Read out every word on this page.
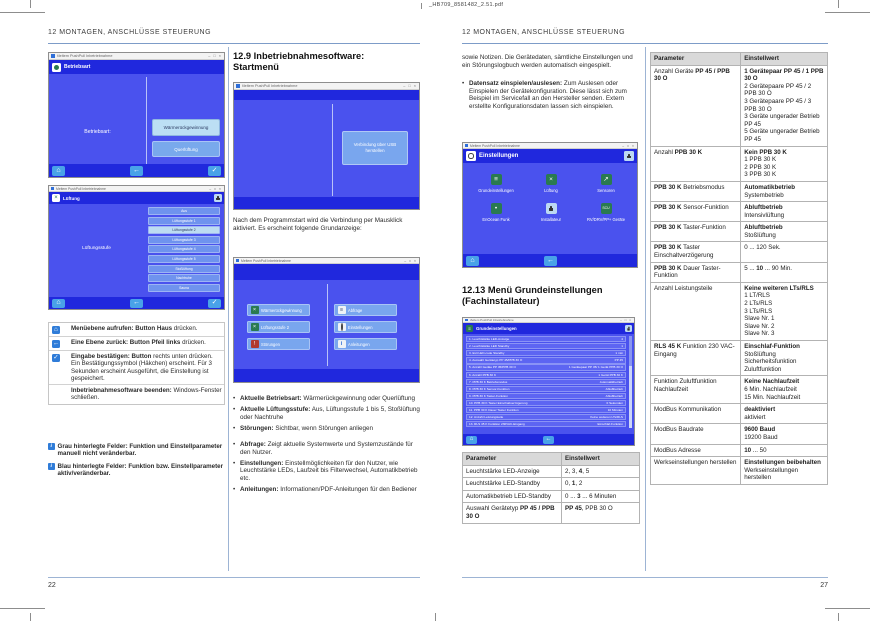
_HB709_8581482_2.51.pdf
12 MONTAGEN, ANSCHLÜSSE STEUERUNG
Meltem PushPull Inbetriebnahme	– □ ×
Betriebsart
Betriebsart:
Wärmerückgewinnung
Querlüftung
⌂	←	✓
Meltem PushPull Inbetriebnahme	– □ ×
× Lüftung
Lüftungsstufe
Aus
Lüftungsstufe 1
Lüftungsstufe 2
Lüftungsstufe 3
Lüftungsstufe 4
Lüftungsstufe 5
Stoßlüftung
Nachtruhe
Sauna
⌂	←	✓
⌂	Menüebene aufrufen: Button Haus drücken.
← Eine Ebene zurück: Button Pfeil links drücken.
✓ Eingabe bestätigen: Button rechts unten drücken. Ein Bestätigungssymbol (Häkchen) erscheint. Für 3 Sekunden erscheint Ausgeführt, die Einstellung ist gespeichert.
Inbetriebnahmesoftware beenden: Windows-Fenster schließen.
i Grau hinterlegte Felder: Funktion und Einstellparameter manuell nicht veränderbar.
i Blau hinterlegte Felder: Funktion bzw. Einstellparameter aktiv/veränderbar.
12.9 Inbetriebnahmesoftware:
Startmenü
Meltem PushPull Inbetriebnahme	– □ ×
Verbindung über USB herstellen
Nach dem Programmstart wird die Verbindung per Mausklick aktiviert. Es erscheint folgende Grundanzeige:
Meltem PushPull Inbetriebnahme	– □ ×
×	Wärmerückgewinnung
×	Lüftungsstufe 2
!	Störungen
≡	Abfrage
Einstellungen
i	Anleitungen
• Aktuelle Betriebsart: Wärmerückgewinnung oder Querlüftung
• Aktuelle Lüftungsstufe: Aus, Lüftungsstufe 1 bis 5, Stoßlüftung oder Nachtruhe
• Störungen: Sichtbar, wenn Störungen anliegen
• Abfrage: Zeigt aktuelle Systemwerte und Systemzustände für den Nutzer.
• Einstellungen: Einstellmöglichkeiten für den Nutzer, wie Leuchtstärke LEDs, Laufzeit bis Filterwechsel, Automatikbetrieb etc.
• Anleitungen: Informationen/PDF-Anleitungen für den Bediener
22
12 MONTAGEN, ANSCHLÜSSE STEUERUNG
sowie Notizen. Die Gerätedaten, sämtliche Einstellungen und ein Störungslogbuch werden automatisch eingespielt.
• Datensatz einspielen/auslesen: Zum Auslesen oder Einspielen der Gerätekonfiguration. Diese lässt sich zum Beispiel im Servicefall an den Hersteller senden. Extern erstellte Konfigurationsdaten lassen sich einspielen.
Meltem PushPull Inbetriebnahme	– □ ×
Einstellungen
≡
Grundeinstellungen
×
Lüftung
↗
Sensoren
•
EnOcean Funk	Installateur
SCU
RV/DRV/PP+ Geräte
⌂	←
12.13 Menü Grundeinstellungen
(Fachinstallateur)
Meltem PushPull Inbetriebnahme	– □ ×
≡	Grundeinstellungen
1. Leuchtstärke LED-Anzeige	4
2. Leuchtstärke LED Standby	1
3. Exit LED-code Standby	1 min
4. Auswahl Gerätetyp PP 45/PPB 30 O	PP 45
5. Anzahl Geräte PP 45/PPB 30 O	1 Gerätepaar PP 45/ 1 Gerät PPB 30 O
6. Anzahl PPB 30 K	1 Gerät PPB 30 K
7. PPB 30 K Betriebsmodus	Automatikbetrieb
8. PPB 30 K Sensor-Funktion	Abluftbetrieb
9. PPB 30 K Taster-Funktion	Abluftbetrieb
10. PPB 30 K Taster Einschaltverzögerung	0 Sekunden
11. PPB 30 K Dauer Taster Funktion	10 Minuten
12. Anzahl Leistungsteile	Keine weiteren LTs/RLS
13. RLS 45 K Funktion 230VAC-Eingang	Einschlaf-Funktion
⌂	←
Parameter	Einstellwert
Leuchtstärke LED-Anzeige	2, 3, 4, 5
Leuchtstärke LED-Standby	0, 1, 2
Automatikbetrieb LED-Standby	0 ... 3 ... 6 Minuten
Auswahl Gerätetyp PP 45 / PPB 30 O	PP 45, PPB 30 O
Parameter	Einstellwert
Anzahl Geräte PP 45 / PPB 30 O	1 Gerätepaar PP 45 / 1 PPB 30 O
2 Gerätepaare PP 45 / 2 PPB 30 O
3 Gerätepaare PP 45 / 3 PPB 30 O
3 Geräte ungerader Betrieb PP 45
5 Geräte ungerader Betrieb PP 45

Anzahl PPB 30 K	Kein PPB 30 K
1 PPB 30 K
2 PPB 30 K
3 PPB 30 K

PPB 30 K Betriebsmodus	Automatikbetrieb
Systembetrieb

PPB 30 K Sensor-Funktion	Abluftbetrieb
Intensivlüftung

PPB 30 K Taster-Funktion	Abluftbetrieb
Stoßlüftung

PPB 30 K Taster Einschaltverzögerung	0 ... 120 Sek.

PPB 30 K Dauer Taster-Funktion	5 ... 10 ... 90 Min.
Anzahl Leistungsteile	Keine weiteren LTs/RLS
1 LT/RLS
2 LTs/RLS
3 LTs/RLS
Slave Nr. 1
Slave Nr. 2
Slave Nr. 3

RLS 45 K Funktion 230 VAC-Eingang	Einschlaf-Funktion
Stoßlüftung
Sicherheitsfunktion
Zuluftfunktion

Funktion Zuluftfunktion Nachlaufzeit	Keine Nachlaufzeit
6 Min. Nachlaufzeit
15 Min. Nachlaufzeit

ModBus Kommunikation	deaktiviert
aktiviert

ModBus Baudrate	9600 Baud
19200 Baud

ModBus Adresse	10 ... 50
Werkseinstellungen herstellen	Einstellungen beibehalten
Werkseinstellungen herstellen
27
